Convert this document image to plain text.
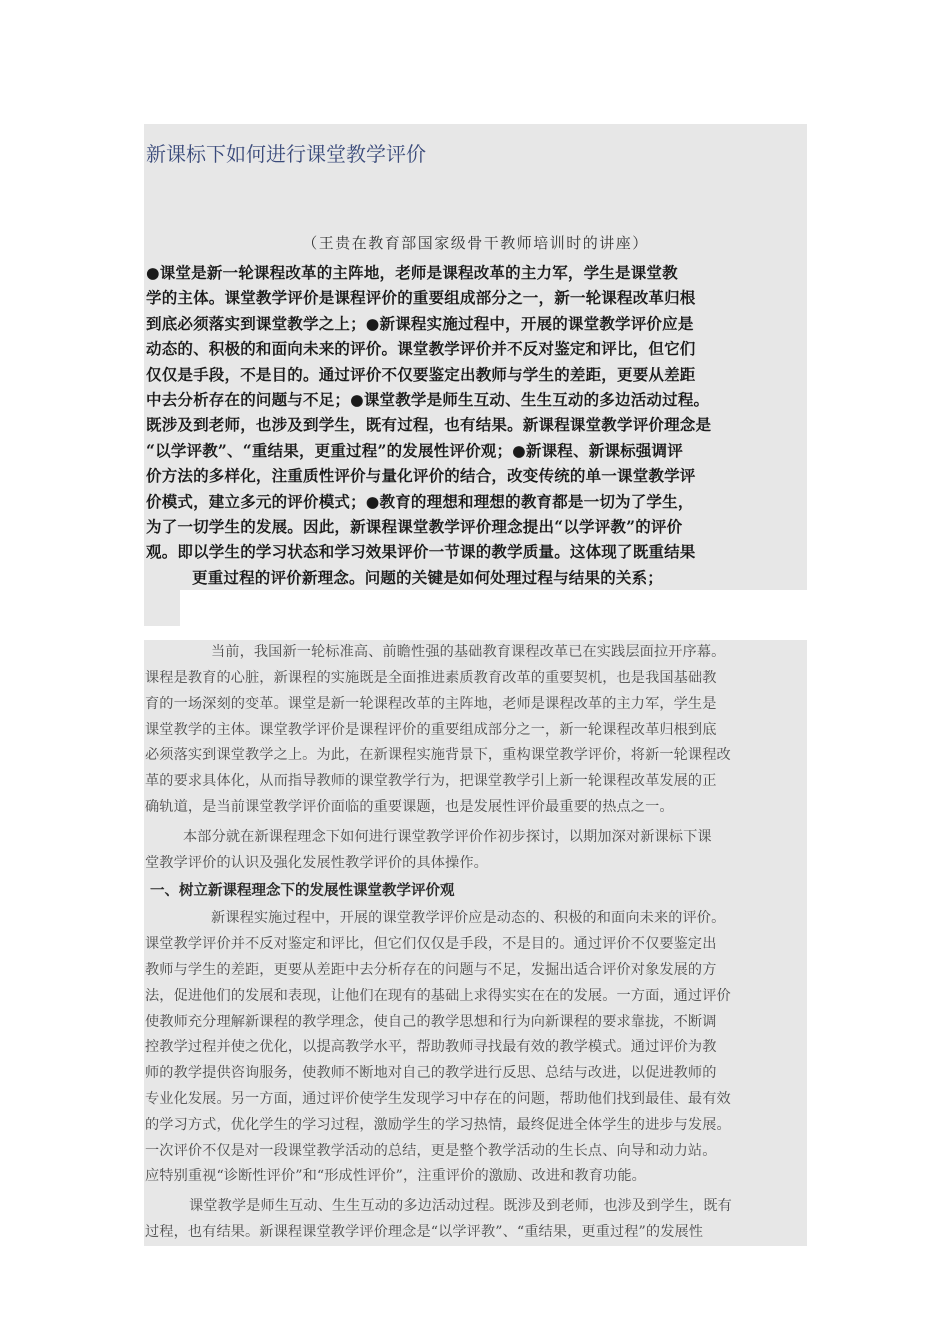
新课标下如何进行课堂教学评价
（王贵在教育部国家级骨干教师培训时的讲座）
●课堂是新一轮课程改革的主阵地，老师是课程改革的主力军，学生是课堂教
学的主体。课堂教学评价是课程评价的重要组成部分之一，新一轮课程改革归根
到底必须落实到课堂教学之上；●新课程实施过程中，开展的课堂教学评价应是
动态的、积极的和面向未来的评价。课堂教学评价并不反对鉴定和评比，但它们
仅仅是手段，不是目的。通过评价不仅要鉴定出教师与学生的差距，更要从差距
中去分析存在的问题与不足；●课堂教学是师生互动、生生互动的多边活动过程。
既涉及到老师，也涉及到学生，既有过程，也有结果。新课程课堂教学评价理念是
“以学评教”、“重结果，更重过程”的发展性评价观；●新课程、新课标强调评
价方法的多样化，注重质性评价与量化评价的结合，改变传统的单一课堂教学评
价模式，建立多元的评价模式；●教育的理想和理想的教育都是一切为了学生，
为了一切学生的发展。因此，新课程课堂教学评价理念提出“以学评教”的评价
观。即以学生的学习状态和学习效果评价一节课的教学质量。这体现了既重结果
更重过程的评价新理念。问题的关键是如何处理过程与结果的关系；
当前，我国新一轮标准高、前瞻性强的基础教育课程改革已在实践层面拉开序幕。
课程是教育的心脏，新课程的实施既是全面推进素质教育改革的重要契机，也是我国基础教
育的一场深刻的变革。课堂是新一轮课程改革的主阵地，老师是课程改革的主力军，学生是
课堂教学的主体。课堂教学评价是课程评价的重要组成部分之一，新一轮课程改革归根到底
必须落实到课堂教学之上。为此，在新课程实施背景下，重构课堂教学评价，将新一轮课程改
革的要求具体化，从而指导教师的课堂教学行为，把课堂教学引上新一轮课程改革发展的正
确轨道，是当前课堂教学评价面临的重要课题，也是发展性评价最重要的热点之一。
本部分就在新课程理念下如何进行课堂教学评价作初步探讨，以期加深对新课标下课
堂教学评价的认识及强化发展性教学评价的具体操作。
一、树立新课程理念下的发展性课堂教学评价观
新课程实施过程中，开展的课堂教学评价应是动态的、积极的和面向未来的评价。
课堂教学评价并不反对鉴定和评比，但它们仅仅是手段，不是目的。通过评价不仅要鉴定出
教师与学生的差距，更要从差距中去分析存在的问题与不足，发掘出适合评价对象发展的方
法，促进他们的发展和表现，让他们在现有的基础上求得实实在在的发展。一方面，通过评价
使教师充分理解新课程的教学理念，使自己的教学思想和行为向新课程的要求靠拢，不断调
控教学过程并使之优化，以提高教学水平，帮助教师寻找最有效的教学模式。通过评价为教
师的教学提供咨询服务，使教师不断地对自己的教学进行反思、总结与改进，以促进教师的
专业化发展。另一方面，通过评价使学生发现学习中存在的问题，帮助他们找到最佳、最有效
的学习方式，优化学生的学习过程，激励学生的学习热情，最终促进全体学生的进步与发展。
一次评价不仅是对一段课堂教学活动的总结，更是整个教学活动的生长点、向导和动力站。
应特别重视“诊断性评价”和“形成性评价”，注重评价的激励、改进和教育功能。
课堂教学是师生互动、生生互动的多边活动过程。既涉及到老师，也涉及到学生，既有
过程，也有结果。新课程课堂教学评价理念是“以学评教”、“重结果，更重过程”的发展性
